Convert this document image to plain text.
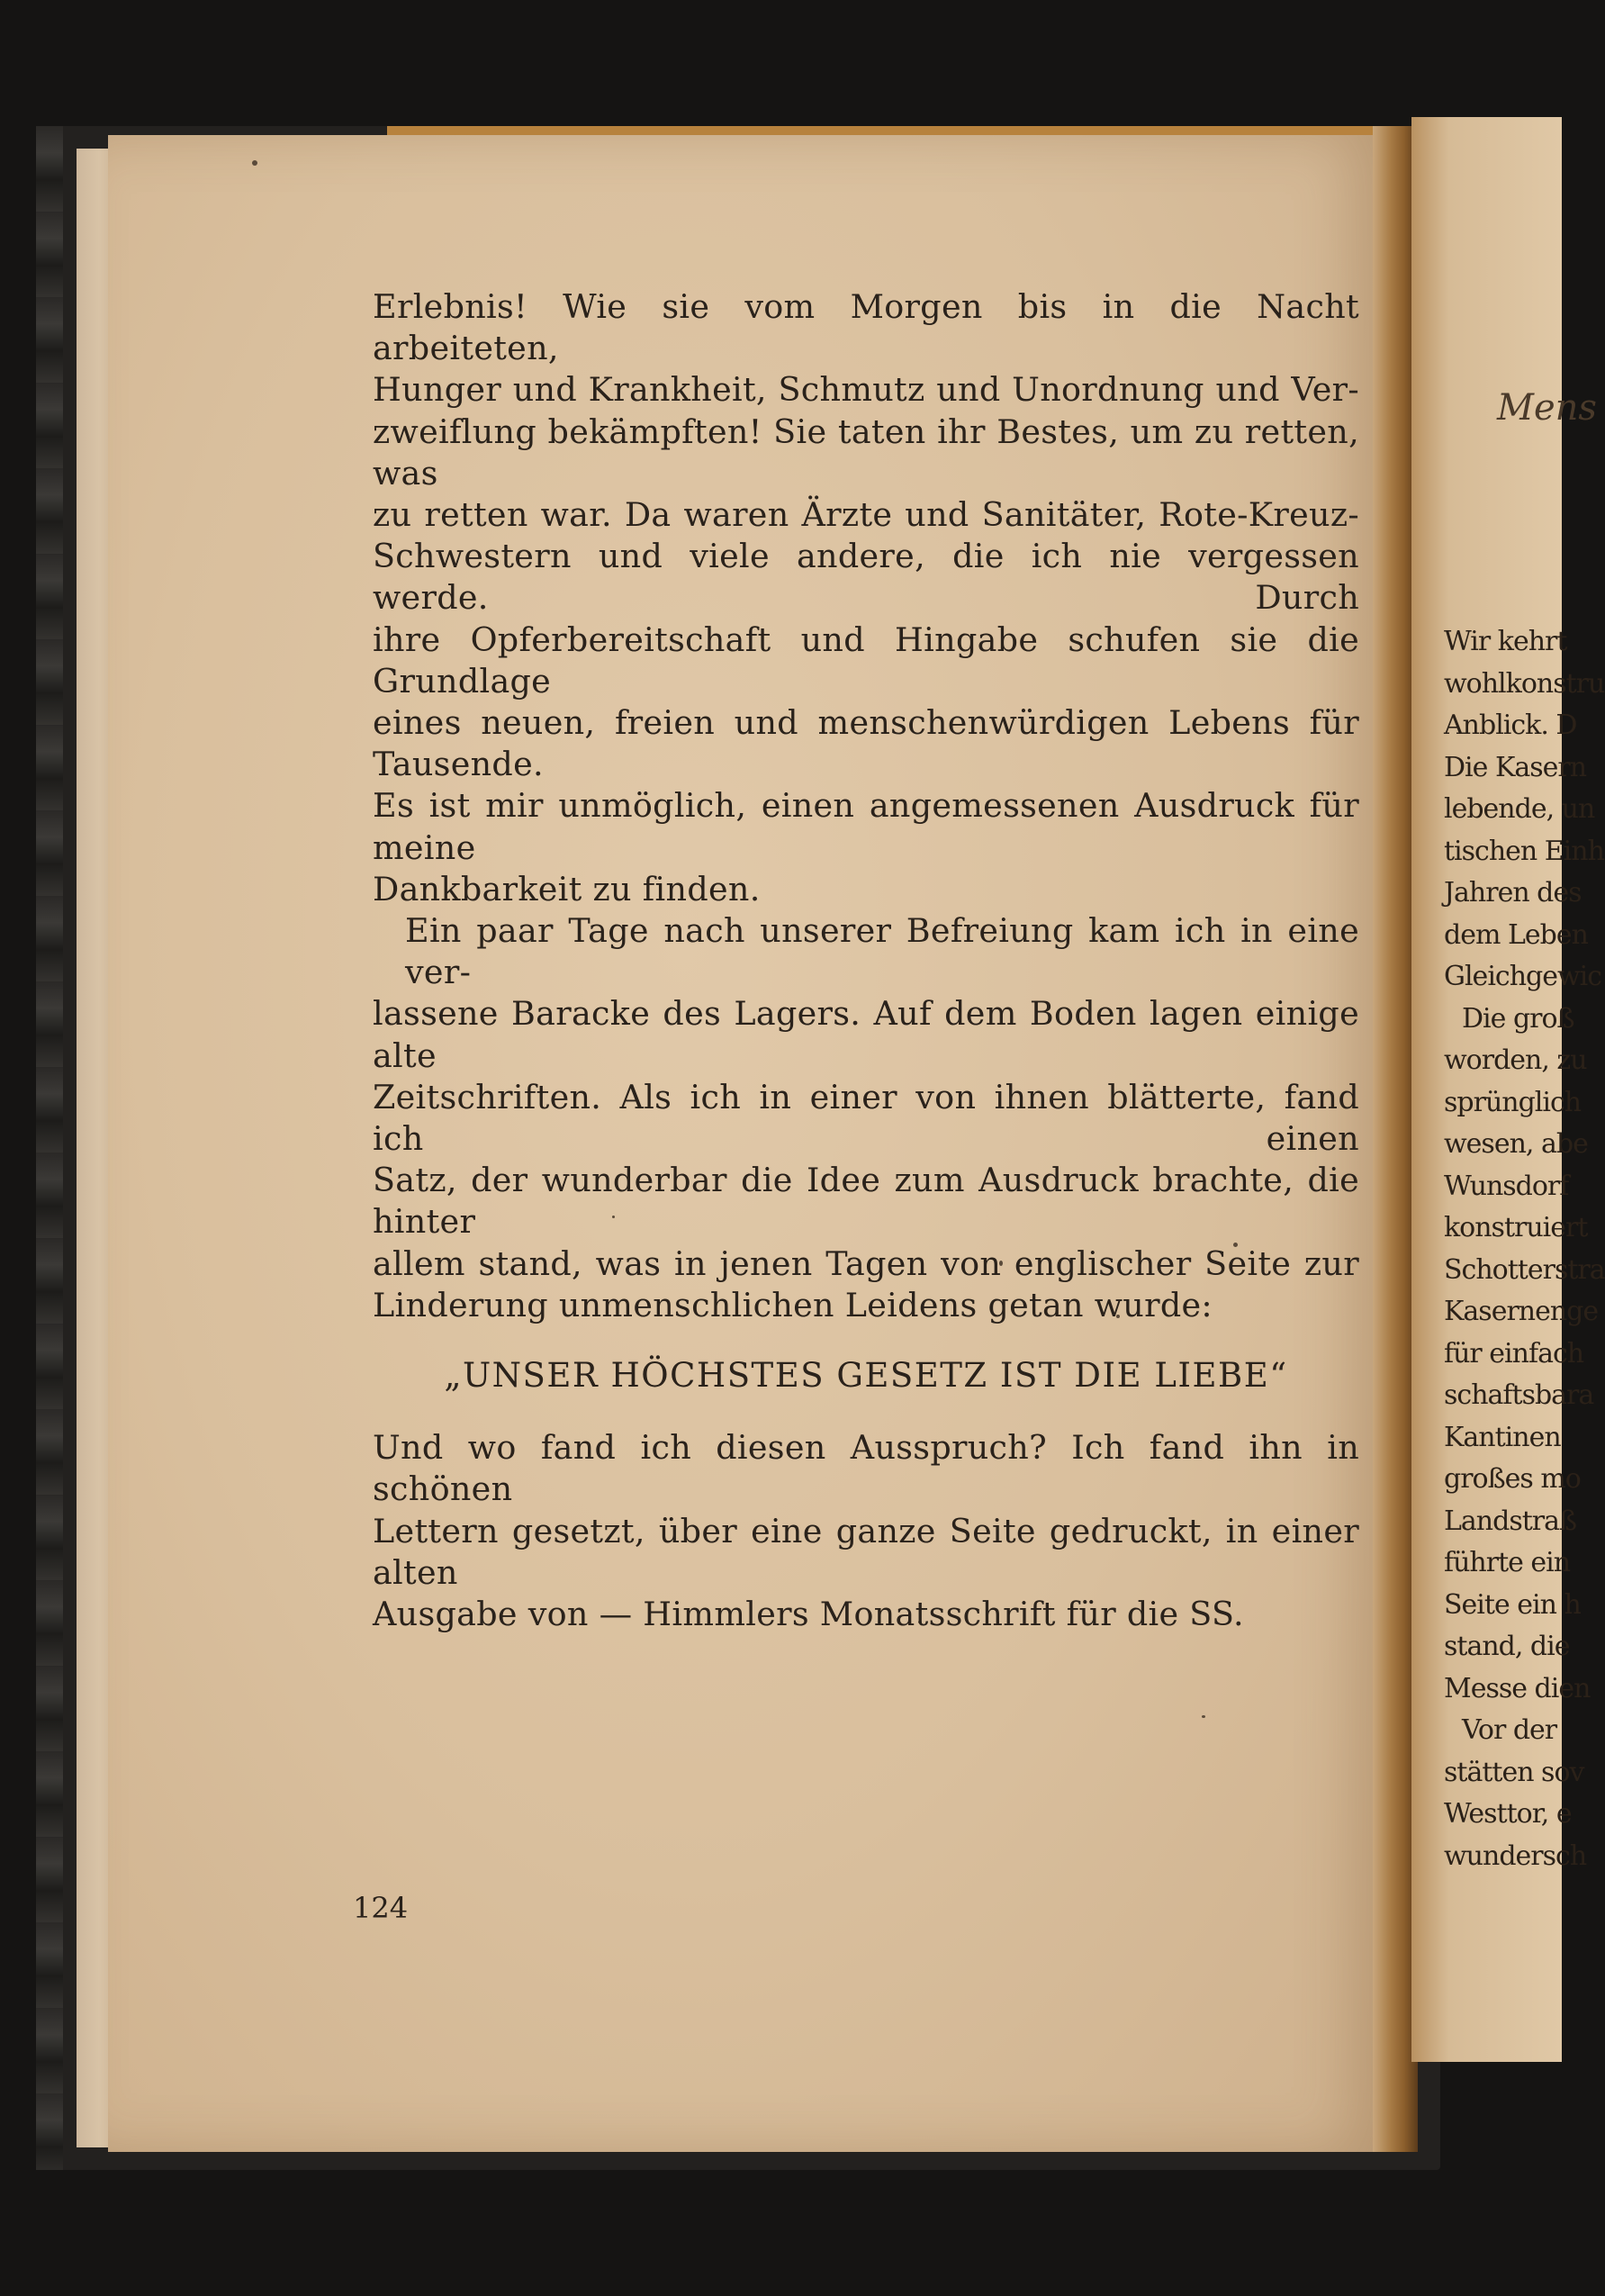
Mens
Wir kehrt
wohlkonstru
Anblick. D
Die Kasern
lebende, un
tischen Einh
Jahren des
dem Leben
Gleichgewic
Die groß
worden, zu
sprünglich
wesen, abe
Wunsdorf
konstruiert
Schotterstra
Kasernenge
für einfach
schaftsbara
Kantinen
großes mo
Landstraß
führte ein
Seite ein h
stand, die
Messe dien
Vor der
stätten sov
Westtor, e
wundersch

Erlebnis! Wie sie vom Morgen bis in die Nacht arbeiteten,
Hunger und Krankheit, Schmutz und Unordnung und Ver-
zweiflung bekämpften! Sie taten ihr Bestes, um zu retten, was
zu retten war. Da waren Ärzte und Sanitäter, Rote-Kreuz-
Schwestern und viele andere, die ich nie vergessen werde. Durch
ihre Opferbereitschaft und Hingabe schufen sie die Grundlage
eines neuen, freien und menschenwürdigen Lebens für Tausende.
Es ist mir unmöglich, einen angemessenen Ausdruck für meine
Dankbarkeit zu finden.

Ein paar Tage nach unserer Befreiung kam ich in eine ver-
lassene Baracke des Lagers. Auf dem Boden lagen einige alte
Zeitschriften. Als ich in einer von ihnen blätterte, fand ich einen
Satz, der wunderbar die Idee zum Ausdruck brachte, die hinter
allem stand, was in jenen Tagen von englischer Seite zur
Linderung unmenschlichen Leidens getan wurde:

„UNSER HÖCHSTES GESETZ IST DIE LIEBE“

Und wo fand ich diesen Ausspruch? Ich fand ihn in schönen
Lettern gesetzt, über eine ganze Seite gedruckt, in einer alten
Ausgabe von — Himmlers Monatsschrift für die SS.

124
